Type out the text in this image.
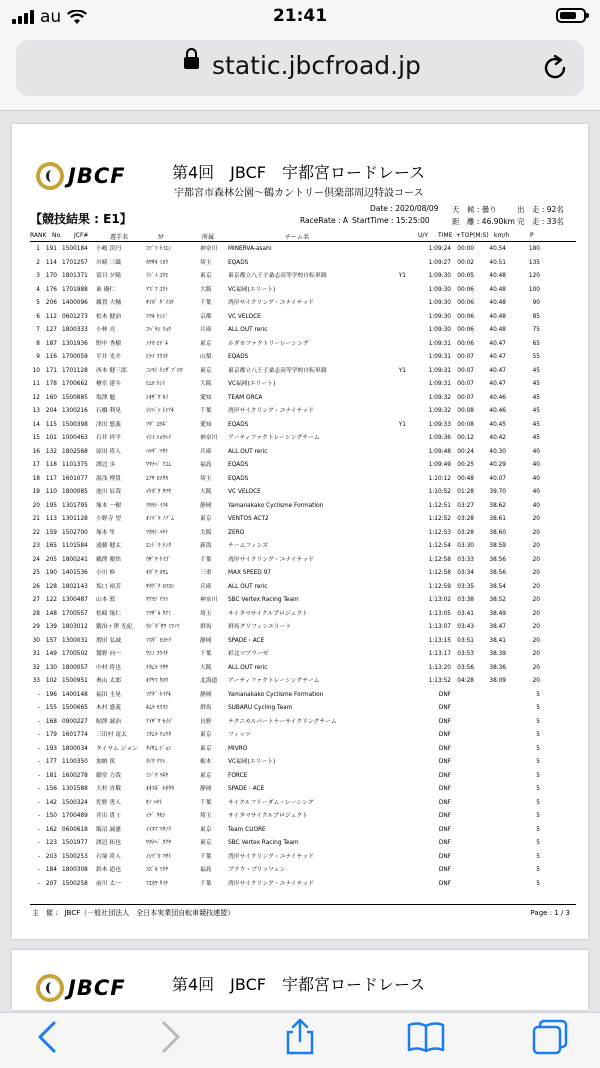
au	21:41
static.jbcfroad.jp
JBCF	第4回　JBCF　宇都宮ロードレース
宇都宮市森林公園～鶴カントリー倶楽部周辺特設コース
Date : 2020/08/09 天　候 : 曇り	出　走 : 92名
RaceRate : A StartTime : 15:25:00	距　離 : 46.90km 完　走 : 33名
【競技結果 : E1】
RANK No. JCF#	選手名	ｶﾅ	所属	チーム名	U/Y TIME +TOP(M:S) km/h	P
1	191 1500184	小嶋 渓円	ｺｼﾞﾏ ｹｲｴﾝ	神奈川	MINERVA-asahi	1:09:24	00:00	40.54	180
2	114 1701257	川崎 三織	ｶﾜｻｷ ﾐｵﾘ	埼玉	EQADS	1:09:27	00:02	40.51	135
3	170 1801371	留目 夕陽	ﾄﾄﾞﾒ ﾕｳﾋ	東京	東京都立八王子桑志高等学校自転車競	Y1	1:09:30	00:05	40.48	120
4	176 1701988	東 優仁	ｱｽﾞﾏ ﾕｳﾄ	大阪	VC福岡(エリート)	1:09:30	00:06	40.48	100
5	206 1400096	雑賀 大輔	ｻｲｶﾞ ﾀﾞｲｽｹ	千葉	湾岸サイクリング・ユナイテッド	1:09:30	00:06	40.48	90
6	112 0601273	松木 健治	ﾏﾂｷ ｹﾝｼﾞ	京都	VC VELOCE	1:09:30	00:06	40.48	85
7	127 1800333	小林 亮	ｺﾊﾞﾔｼ ﾘｮｳ	兵庫	ALL OUT reric	1:09:30	00:06	40.48	75
8	187 1301936	野中 秀樹	ﾉﾅｶ ﾋﾃﾞｷ	東京	ホダカファクトリーレーシング	1:09:31	00:06	40.47	65
9	116 1700059	平井 光介	ﾋﾗｲ ｺｳｽｹ	山梨	EQADS	1:09:31	00:07	40.47	55
10	171 1701128	西本 健三郎	ﾆｼﾓﾄ ｹﾝｻﾞﾌﾞﾛｳ	東京	東京都立八王子桑志高等学校自転車競	Y1	1:09:31	00:07	40.47	45
11	178 1700662	檜室 建斗	ﾋﾑﾛ ｹﾝﾄ	大阪	VC福岡(エリート)	1:09:31	00:07	40.47	45
12	160 1500885	塩澤 魁	ｼｵｻﾞﾜ ｶｲ	愛知	TEAM ORCA	1:09:32	00:07	40.46	45
13	204 1300216	石橋 利晃	ｲｼﾊﾞｼ ﾄｼｱｷ	千葉	湾岸サイクリング・ユナイテッド	1:09:32	00:08	40.46	45
14	115 1500398	津田 悠義	ﾂﾀﾞ ﾕｳｷﾞ	愛知	EQADS	Y1	1:09:33	00:08	40.45	45
15	101 1000463	石井 祥平	ｲｼｲ ｼｮｳﾍｲ	神奈川	アーティファクトレーシングチーム	1:09:36	00:12	40.42	45
16	132 1802568	原田 将人	ﾊﾗﾀﾞ ﾏｻﾄ	兵庫	ALL OUT reric	1:09:48	00:24	40.30	40
17	118 1101375	渡辺 歩	ﾜﾀﾅﾍﾞ ｱﾕﾑ	福島	EQADS	1:09:49	00:25	40.29	40
18	117 1601077	湯浅 博貴	ﾕｱｻ ﾋﾛﾀｶ	埼玉	EQADS	1:10:12	00:48	40.07	40
19	110 1800085	池川 辰哉	ｲｹｶﾞﾜ ﾀﾂﾔ	大阪	VC VELOCE	1:10:52	01:28	39.70	40
20	195 1301795	塚本 一樹	ﾂｶﾓﾄ ｲﾂｷ	静岡	Yamanakako Cyclisme Formation	1:12:51	03:27	38.62	40
21	113 1301128	小野寺 望	ｵﾉﾃﾞﾗ ﾉｿﾞﾑ	東京	VENTOS ACT2	1:12:52	03:28	38.61	20
22	159 1502700	塚本 隼	ﾂｶﾓﾄ ﾊﾔﾄ	大阪	ZERO	1:12:53	03:28	38.60	20
23	165 1101584	遠藤 健太	ｴﾝﾄﾞｳ ｹﾝﾀ	新潟	チームフィンズ	1:12:54	03:30	38.59	20
24	205 1800241	鵜澤 慶悟	ｳｻﾞﾜ ｹｲｺﾞ	千葉	湾岸サイクリング・ユナイテッド	1:12:58	03:33	38.56	20
25	190 1401536	小川 修	ｵｶﾞﾜ ｵｻﾑ	三重	MAX SPEED 97	1:12:58	03:34	38.56	20
26	128 1802143	坂口 裕芳	ｻｶｸﾞﾁ ﾋﾛﾖｼ	兵庫	ALL OUT reric	1:12:59	03:35	38.54	20
27	122 1300487	山本 敦	ﾔﾏﾓﾄ ｱﾂｼ	神奈川	SBC Vertex Racing Team	1:13:02	03:38	38.52	20
28	148 1700557	松崎 琢仁	ﾏﾂｻﾞｷ ﾀｸﾐ	埼玉	サイタマサイクルプロジェクト	1:13:05	03:41	38.49	20
29	139 1803012	鍛治ヶ澤 光紀	ｶｼﾞｶﾞｻﾜ ﾐﾂﾉﾘ	群馬	群馬グリフィンエリート	1:13:07	03:43	38.47	20
30	157 1300031	増田 弘誠	ﾏｽﾀﾞ ﾋﾛﾅﾘ	静岡	SPADE・ACE	1:13:15	03:51	38.41	20
31	149 1700502	鷲野 向一	ﾜｼﾉ ｺｳｲﾁ	千葉	彩北ツブラーゼ	1:13:17	03:53	38.39	20
32	130 1800057	中村 将也	ﾅｶﾑﾗ ﾏｻﾔ	大阪	ALL OUT reric	1:13:20	03:56	38.36	20
33	102 1500951	奥山 太郎	ｵｸﾔﾏ ﾀﾛｳ	北海道	アーティファクトレーシングチーム	1:13:52	04:28	38.09	20
-	196 1400148	福田 圭晃	ﾌｸﾀﾞ ｹｲｱｷ	静岡	Yamanakako Cyclisme Formation	DNF	5
-	155 1500665	木村 盛義	ｷﾑﾗ ﾓﾘﾖｼ	群馬	SUBARU Cycling Team	DNF	5
-	168 0900227	鮎澤 誠治	ｱｲｻﾞﾜ ｾｲｼﾞ	長野	テクニカルパートナーサイクリングチーム	DNF	5
-	179 1601774	三田村 竜太	ﾐﾀﾑﾗ ﾘｭｳﾀ	東京	フィッツ	DNF	5
-	193 1800034	タイサム ジョン	ﾀｲｻﾑ ｼﾞｮﾝ	東京	MIVRO	DNF	5
-	177 1100350	加納 篤	ｶﾉｳ ｱﾂｼ	栃木	VC福岡(エリート)	DNF	5
-	181 1600278	御堂 力哉	ﾐﾄﾞｳ ﾘｷﾔ	東京	FORCE	DNF	5
-	156 1301588	大杉 直敬	ｵｵｽｷﾞ ﾅｵﾀｶ	静岡	SPADE・ACE	DNF	5
-	142 1500324	佐野 勇人	ｻﾉ ﾊﾔﾄ	千葉	サイクルフリーダム・レーシング	DNF	5
-	150 1700489	井出 貴士	ｲﾃﾞ ﾀｶｼ	埼玉	サイタマサイクルプロジェクト	DNF	5
-	162 0600618	飯沼 誠憲	ｲｲﾇﾏ ﾏｻﾉﾘ	東京	Team CUORE	DNF	5
-	123 1501977	渡辺 拓也	ﾜﾀﾅﾍﾞ ﾀｸﾔ	東京	SBC Vertex Racing Team	DNF	5
-	203 1500253	石塚 将人	ｲｼﾂﾞｶ ﾏｻﾄ	千葉	湾岸サイクリング・ユナイテッド	DNF	5
-	184 1800308	鈴木 道也	ｽｽﾞｷ ﾐﾁﾔ	福島	ブラウ・ブリッツェン	DNF	5
-	207 1500258	前川 太一	ﾏｴｶﾜ ﾀｲﾁ	千葉	湾岸サイクリング・ユナイテッド	DNF	5
主　催 :　JBCF（一般社団法人　全日本実業団自転車競技連盟）	Page : 1 / 3
JBCF	第4回　JBCF　宇都宮ロードレース
